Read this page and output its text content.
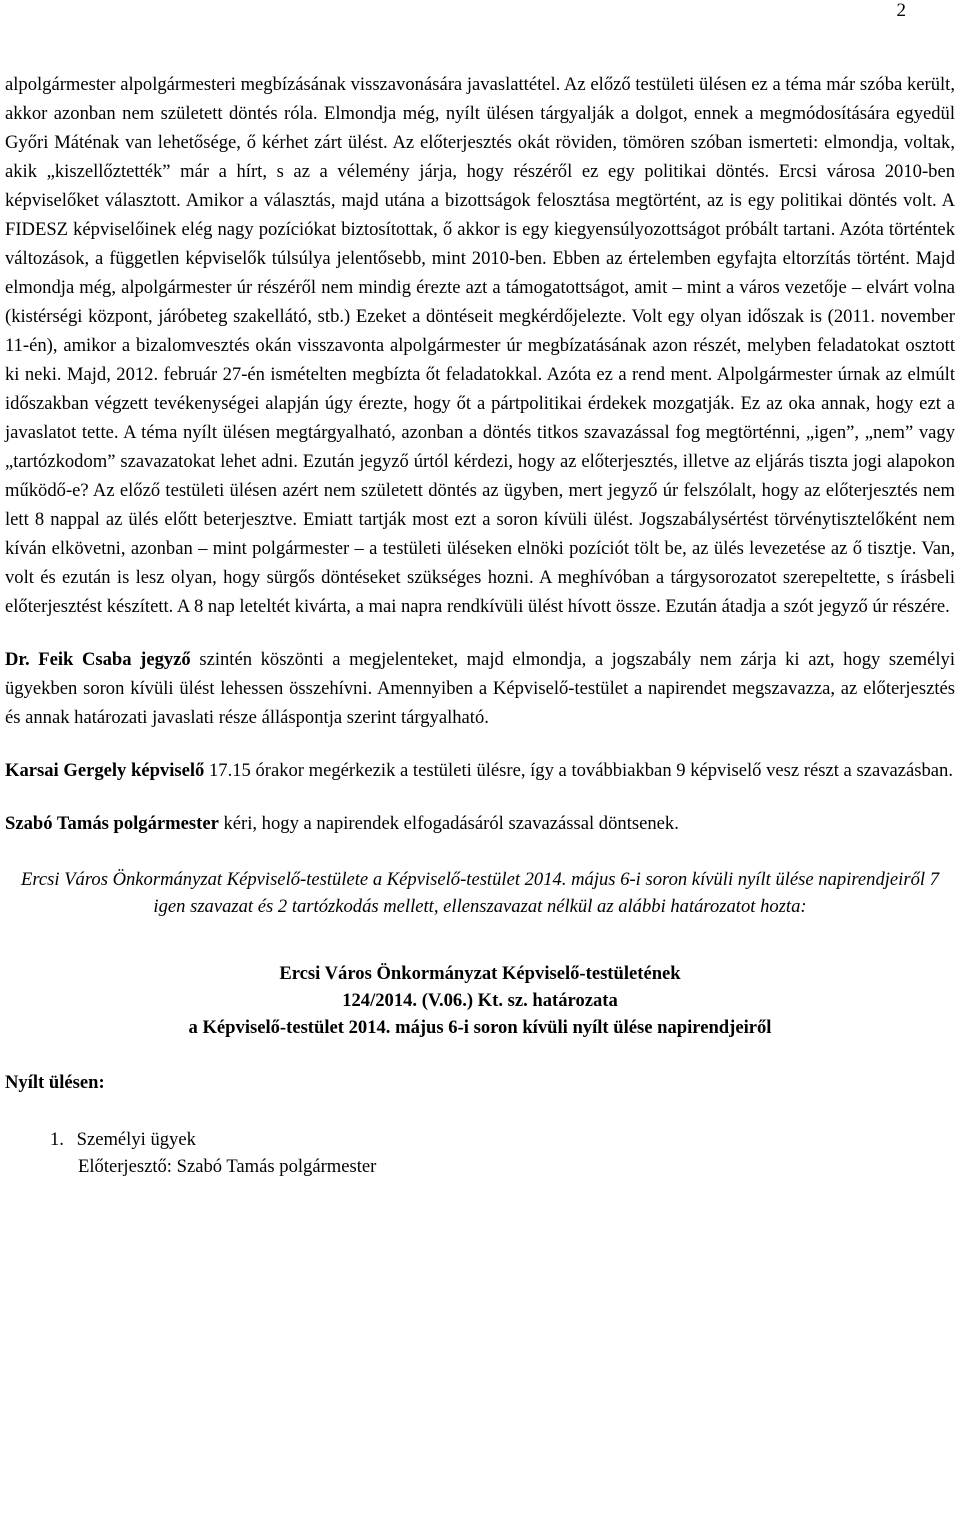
2

alpolgármester alpolgármesteri megbízásának visszavonására javaslattétel. Az előző testületi ülésen ez a téma már szóba került, akkor azonban nem született döntés róla. Elmondja még, nyílt ülésen tárgyalják a dolgot, ennek a megmódosítására egyedül Győri Máténak van lehetősége, ő kérhet zárt ülést. Az előterjesztés okát röviden, tömören szóban ismerteti: elmondja, voltak, akik „kiszellőztették” már a hírt, s az a vélemény járja, hogy részéről ez egy politikai döntés. Ercsi városa 2010-ben képviselőket választott. Amikor a választás, majd utána a bizottságok felosztása megtörtént, az is egy politikai döntés volt. A FIDESZ képviselőinek elég nagy pozíciókat biztosítottak, ő akkor is egy kiegyensúlyozottságot próbált tartani. Azóta történtek változások, a független képviselők túlsúlya jelentősebb, mint 2010-ben. Ebben az értelemben egyfajta eltorzítás történt. Majd elmondja még, alpolgármester úr részéről nem mindig érezte azt a támogatottságot, amit – mint a város vezetője – elvárt volna (kistérségi központ, járóbeteg szakellátó, stb.) Ezeket a döntéseit megkérdőjelezte. Volt egy olyan időszak is (2011. november 11-én), amikor a bizalomvesztés okán visszavonta alpolgármester úr megbízatásának azon részét, melyben feladatokat osztott ki neki. Majd, 2012. február 27-én ismételten megbízta őt feladatokkal. Azóta ez a rend ment. Alpolgármester úrnak az elmúlt időszakban végzett tevékenységei alapján úgy érezte, hogy őt a pártpolitikai érdekek mozgatják. Ez az oka annak, hogy ezt a javaslatot tette. A téma nyílt ülésen megtárgyalható, azonban a döntés titkos szavazással fog megtörténni, „igen”, „nem” vagy „tartózkodom” szavazatokat lehet adni. Ezután jegyző úrtól kérdezi, hogy az előterjesztés, illetve az eljárás tiszta jogi alapokon működő-e? Az előző testületi ülésen azért nem született döntés az ügyben, mert jegyző úr felszólalt, hogy az előterjesztés nem lett 8 nappal az ülés előtt beterjesztve. Emiatt tartják most ezt a soron kívüli ülést. Jogszabálysértést törvénytisztelőként nem kíván elkövetni, azonban – mint polgármester – a testületi üléseken elnöki pozíciót tölt be, az ülés levezetése az ő tisztje. Van, volt és ezután is lesz olyan, hogy sürgős döntéseket szükséges hozni. A meghívóban a tárgysorozatot szerepeltette, s írásbeli előterjesztést készített. A 8 nap leteltét kivárta, a mai napra rendkívüli ülést hívott össze. Ezután átadja a szót jegyző úr részére.

Dr. Feik Csaba jegyző szintén köszönti a megjelenteket, majd elmondja, a jogszabály nem zárja ki azt, hogy személyi ügyekben soron kívüli ülést lehessen összehívni. Amennyiben a Képviselő-testület a napirendet megszavazza, az előterjesztés és annak határozati javaslati része álláspontja szerint tárgyalható.

Karsai Gergely képviselő 17.15 órakor megérkezik a testületi ülésre, így a továbbiakban 9 képviselő vesz részt a szavazásban.

Szabó Tamás polgármester kéri, hogy a napirendek elfogadásáról szavazással döntsenek.

Ercsi Város Önkormányzat Képviselő-testülete a Képviselő-testület 2014. május 6-i soron kívüli nyílt ülése napirendjeiről 7 igen szavazat és 2 tartózkodás mellett, ellenszavazat nélkül az alábbi határozatot hozta:

Ercsi Város Önkormányzat Képviselő-testületének

124/2014. (V.06.) Kt. sz. határozata

a Képviselő-testület 2014. május 6-i soron kívüli nyílt ülése napirendjeiről

Nyílt ülésen:

1. Személyi ügyek
Előterjesztő: Szabó Tamás polgármester
